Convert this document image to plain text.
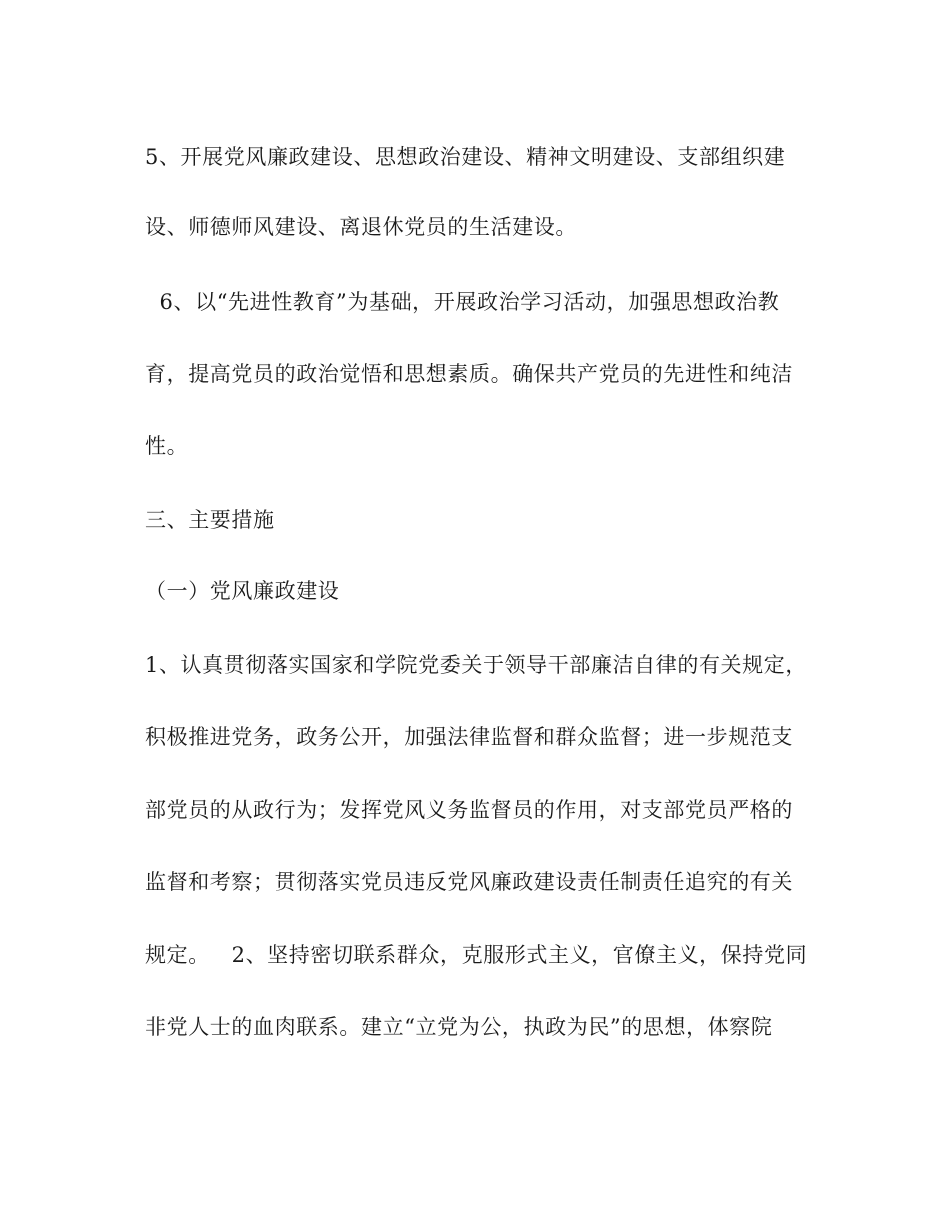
5、开展党风廉政建设、思想政治建设、精神文明建设、支部组织建
设、师德师风建设、离退休党员的生活建设。
6、以“先进性教育”为基础，开展政治学习活动，加强思想政治教
育，提高党员的政治觉悟和思想素质。确保共产党员的先进性和纯洁
性。
三、主要措施
（一）党风廉政建设
1、认真贯彻落实国家和学院党委关于领导干部廉洁自律的有关规定，
积极推进党务，政务公开，加强法律监督和群众监督；进一步规范支
部党员的从政行为；发挥党风义务监督员的作用，对支部党员严格的
监督和考察；贯彻落实党员违反党风廉政建设责任制责任追究的有关
规定。   2、坚持密切联系群众，克服形式主义，官僚主义，保持党同
非党人士的血肉联系。建立“立党为公，执政为民”的思想，体察院
